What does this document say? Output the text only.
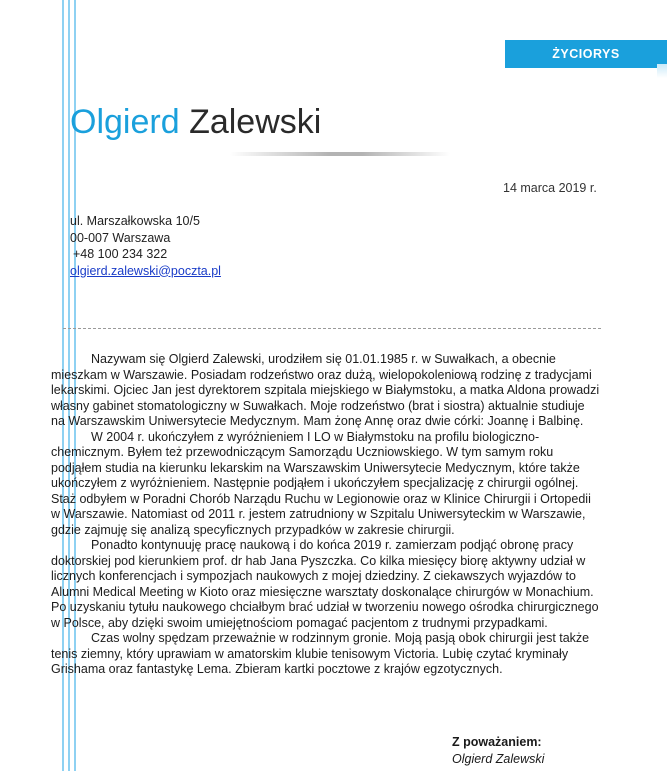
ŻYCIORYS
Olgierd Zalewski
14 marca 2019 r.
ul. Marszałkowska 10/5
00-007 Warszawa
+48 100 234 322
olgierd.zalewski@poczta.pl

Nazywam się Olgierd Zalewski, urodziłem się 01.01.1985 r. w Suwałkach, a obecnie mieszkam w Warszawie. Posiadam rodzeństwo oraz dużą, wielopokoleniową rodzinę z tradycjami lekarskimi. Ojciec Jan jest dyrektorem szpitala miejskiego w Białymstoku, a matka Aldona prowadzi własny gabinet stomatologiczny w Suwałkach. Moje rodzeństwo (brat i siostra) aktualnie studiuje na Warszawskim Uniwersytecie Medycznym. Mam żonę Annę oraz dwie córki: Joannę i Balbinę.

W 2004 r. ukończyłem z wyróżnieniem I LO w Białymstoku na profilu biologiczno-chemicznym. Byłem też przewodniczącym Samorządu Uczniowskiego. W tym samym roku podjąłem studia na kierunku lekarskim na Warszawskim Uniwersytecie Medycznym, które także ukończyłem z wyróżnieniem. Następnie podjąłem i ukończyłem specjalizację z chirurgii ogólnej. Staż odbyłem w Poradni Chorób Narządu Ruchu w Legionowie oraz w Klinice Chirurgii i Ortopedii w Warszawie. Natomiast od 2011 r. jestem zatrudniony w Szpitalu Uniwersyteckim w Warszawie, gdzie zajmuję się analizą specyficznych przypadków w zakresie chirurgii.

Ponadto kontynuuję pracę naukową i do końca 2019 r. zamierzam podjąć obronę pracy doktorskiej pod kierunkiem prof. dr hab Jana Pyszczka. Co kilka miesięcy biorę aktywny udział w licznych konferencjach i sympozjach naukowych z mojej dziedziny. Z ciekawszych wyjazdów to Alumni Medical Meeting w Kioto oraz miesięczne warsztaty doskonalące chirurgów w Monachium. Po uzyskaniu tytułu naukowego chciałbym brać udział w tworzeniu nowego ośrodka chirurgicznego w Polsce, aby dzięki swoim umiejętnościom pomagać pacjentom z trudnymi przypadkami.

Czas wolny spędzam przeważnie w rodzinnym gronie. Moją pasją obok chirurgii jest także tenis ziemny, który uprawiam w amatorskim klubie tenisowym Victoria. Lubię czytać kryminały Grishama oraz fantastykę Lema. Zbieram kartki pocztowe z krajów egzotycznych.

Z poważaniem:
Olgierd Zalewski
